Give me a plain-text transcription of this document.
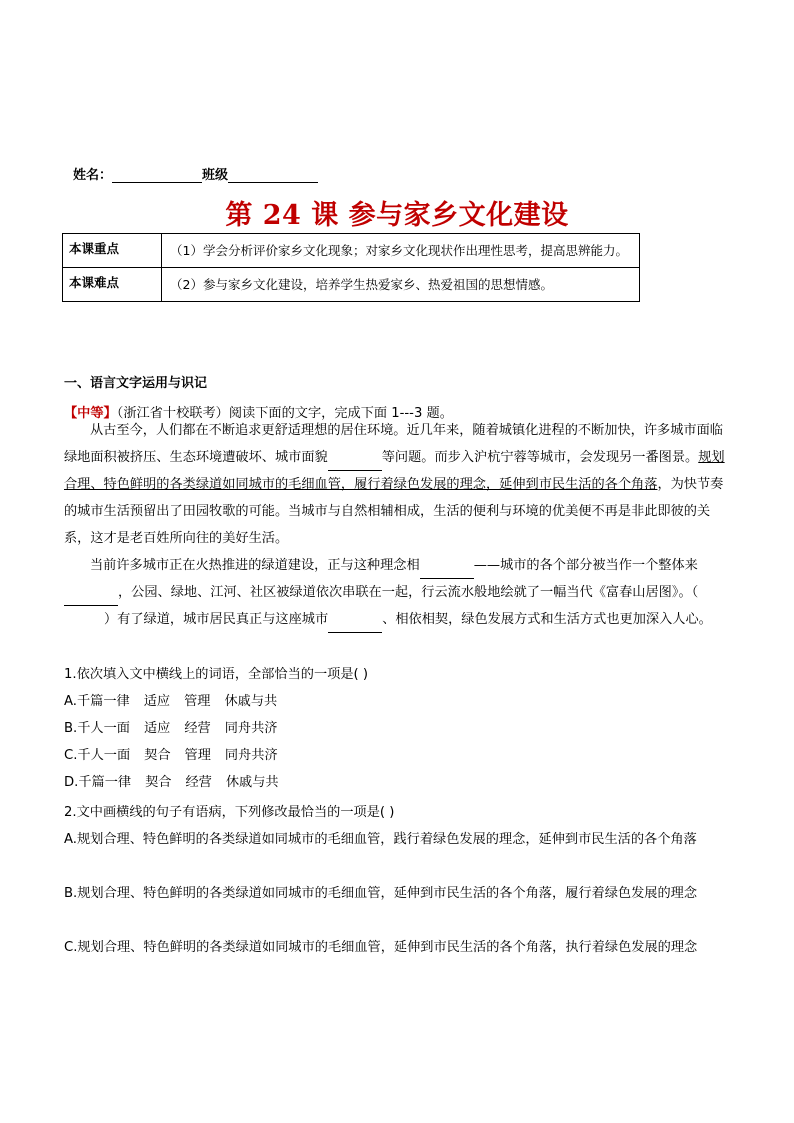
姓名：	班级
第 24 课 参与家乡文化建设
本课重点	（1）学会分析评价家乡文化现象；对家乡文化现状作出理性思考，提高思辨能力。
本课难点	（2）参与家乡文化建设，培养学生热爱家乡、热爱祖国的思想情感。
一、语言文字运用与识记
【中等】（浙江省十校联考）阅读下面的文字，完成下面 1---3 题。
从古至今，人们都在不断追求更舒适理想的居住环境。近几年来，随着城镇化进程的不断加快，许多城市面临绿地面积被挤压、生态环境遭破坏、城市面貌	等问题。而步入沪杭宁蓉等城市，会发现另一番图景。规划合理、特色鲜明的各类绿道如同城市的毛细血管，履行着绿色发展的理念，延伸到市民生活的各个角落，为快节奏的城市生活预留出了田园牧歌的可能。当城市与自然相辅相成，生活的便利与环境的优美便不再是非此即彼的关系，这才是老百姓所向往的美好生活。
当前许多城市正在火热推进的绿道建设，正与这种理念相	——城市的各个部分被当作一个整体来，公园、绿地、江河、社区被绿道依次串联在一起，行云流水般地绘就了一幅当代《富春山居图》。（）有了绿道，城市居民真正与这座城市	、相依相契，绿色发展方式和生活方式也更加深入人心。
1.依次填入文中横线上的词语，全部恰当的一项是( )
A.千篇一律 适应 管理 休戚与共
B.千人一面 适应 经营 同舟共济
C.千人一面 契合 管理 同舟共济
D.千篇一律 契合 经营 休戚与共
2.文中画横线的句子有语病，下列修改最恰当的一项是( )
A.规划合理、特色鲜明的各类绿道如同城市的毛细血管，践行着绿色发展的理念，延伸到市民生活的各个角落
B.规划合理、特色鲜明的各类绿道如同城市的毛细血管，延伸到市民生活的各个角落，履行着绿色发展的理念
C.规划合理、特色鲜明的各类绿道如同城市的毛细血管，延伸到市民生活的各个角落，执行着绿色发展的理念
